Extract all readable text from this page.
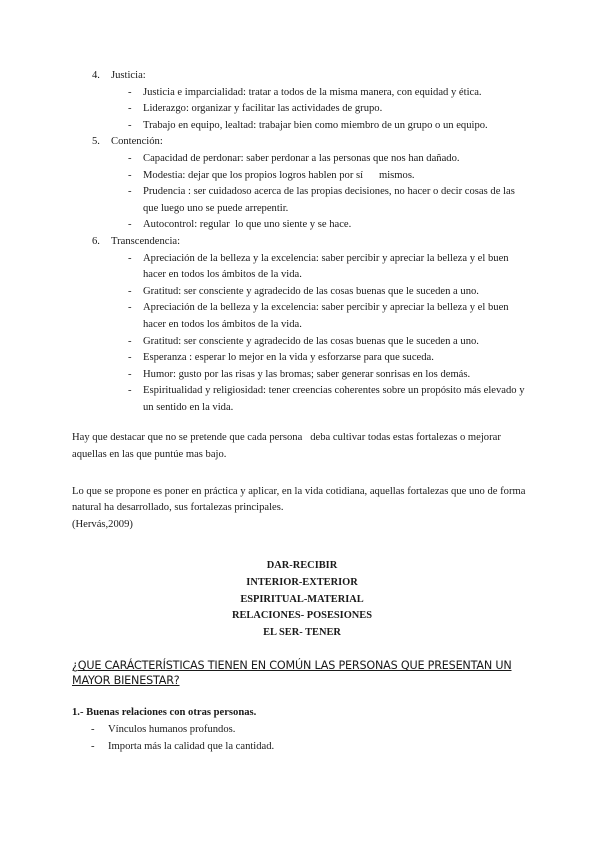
4. Justicia:
- Justicia e imparcialidad: tratar a todos de la misma manera, con equidad y ética.
- Liderazgo: organizar y facilitar las actividades de grupo.
- Trabajo en equipo, lealtad: trabajar bien como miembro de un grupo o un equipo.
5. Contención:
- Capacidad de perdonar: saber perdonar a las personas que nos han dañado.
- Modestia: dejar que los propios logros hablen por sí      mismos.
- Prudencia : ser cuidadoso acerca de las propias decisiones, no hacer o decir cosas de las que luego uno se puede arrepentir.
- Autocontrol: regular  lo que uno siente y se hace.
6. Transcendencia:
- Apreciación de la belleza y la excelencia: saber percibir y apreciar la belleza y el buen hacer en todos los ámbitos de la vida.
- Gratitud: ser consciente y agradecido de las cosas buenas que le suceden a uno.
- Apreciación de la belleza y la excelencia: saber percibir y apreciar la belleza y el buen hacer en todos los ámbitos de la vida.
- Gratitud: ser consciente y agradecido de las cosas buenas que le suceden a uno.
- Esperanza : esperar lo mejor en la vida y esforzarse para que suceda.
- Humor: gusto por las risas y las bromas; saber generar sonrisas en los demás.
- Espiritualidad y religiosidad: tener creencias coherentes sobre un propósito más elevado y un sentido en la vida.

Hay que destacar que no se pretende que cada persona   deba cultivar todas estas fortalezas o mejorar aquellas en las que puntúe mas bajo.

Lo que se propone es poner en práctica y aplicar, en la vida cotidiana, aquellas fortalezas que uno de forma natural ha desarrollado, sus fortalezas principales.

(Hervás,2009)

DAR-RECIBIR
INTERIOR-EXTERIOR
ESPIRITUAL-MATERIAL
RELACIONES- POSESIONES
EL SER- TENER
¿QUE CARÁCTERÍSTICAS TIENEN EN COMÚN LAS PERSONAS QUE PRESENTAN UN MAYOR BIENESTAR?
1.- Buenas relaciones con otras personas.
- Vínculos humanos profundos.
- Importa más la calidad que la cantidad.
